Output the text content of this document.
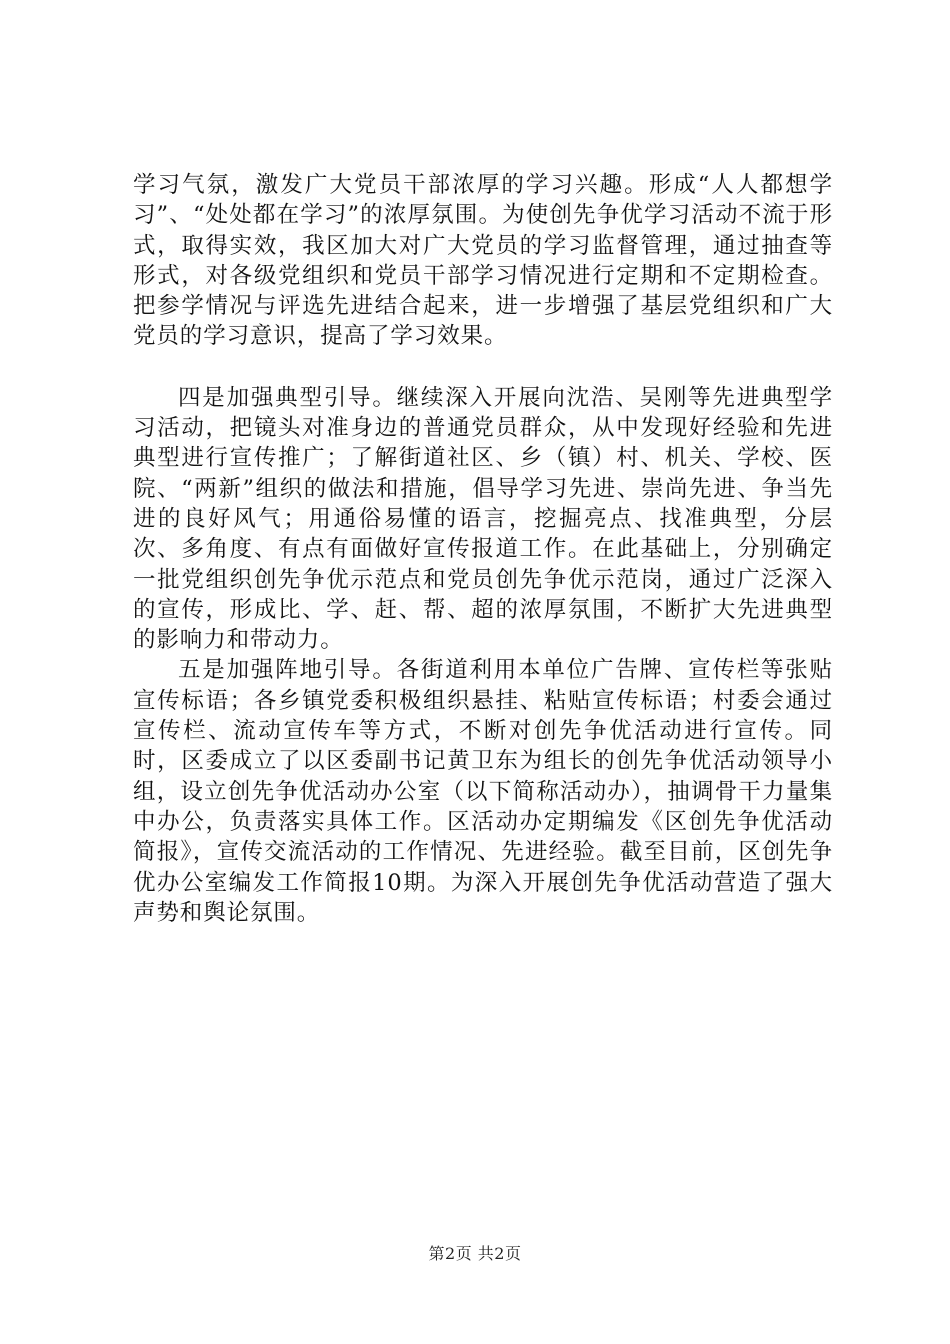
学习气氛，激发广大党员干部浓厚的学习兴趣。形成“人人都想学习”、“处处都在学习”的浓厚氛围。为使创先争优学习活动不流于形式，取得实效，我区加大对广大党员的学习监督管理，通过抽查等形式，对各级党组织和党员干部学习情况进行定期和不定期检查。把参学情况与评选先进结合起来，进一步增强了基层党组织和广大党员的学习意识，提高了学习效果。

四是加强典型引导。继续深入开展向沈浩、吴刚等先进典型学习活动，把镜头对准身边的普通党员群众，从中发现好经验和先进典型进行宣传推广；了解街道社区、乡（镇）村、机关、学校、医院、“两新”组织的做法和措施，倡导学习先进、崇尚先进、争当先进的良好风气；用通俗易懂的语言，挖掘亮点、找准典型，分层次、多角度、有点有面做好宣传报道工作。在此基础上，分别确定一批党组织创先争优示范点和党员创先争优示范岗，通过广泛深入的宣传，形成比、学、赶、帮、超的浓厚氛围，不断扩大先进典型的影响力和带动力。

五是加强阵地引导。各街道利用本单位广告牌、宣传栏等张贴宣传标语；各乡镇党委积极组织悬挂、粘贴宣传标语；村委会通过宣传栏、流动宣传车等方式，不断对创先争优活动进行宣传。同时，区委成立了以区委副书记黄卫东为组长的创先争优活动领导小组，设立创先争优活动办公室（以下简称活动办），抽调骨干力量集中办公，负责落实具体工作。区活动办定期编发《区创先争优活动简报》，宣传交流活动的工作情况、先进经验。截至目前，区创先争优办公室编发工作简报10期。为深入开展创先争优活动营造了强大声势和舆论氛围。

第2页 共2页
